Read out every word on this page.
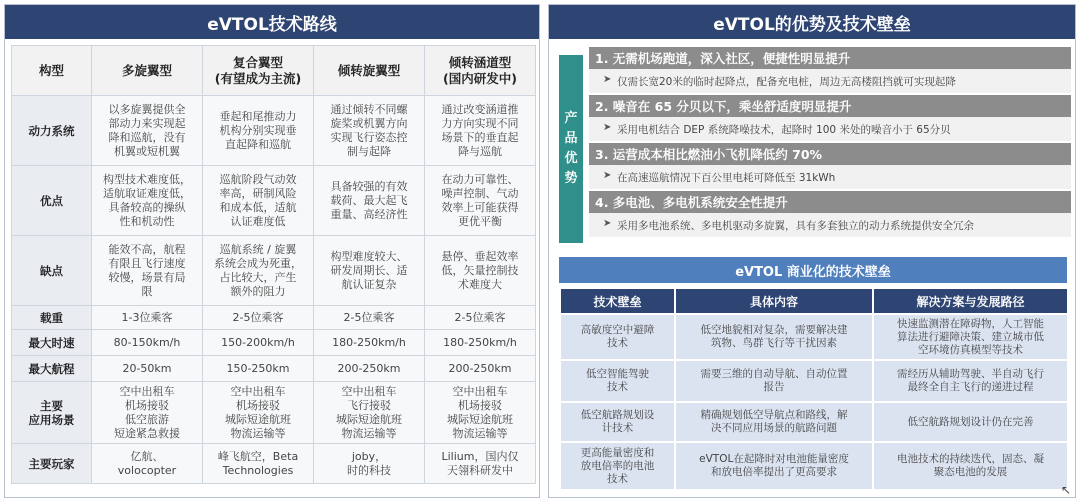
eVTOL技术路线
构型	多旋翼型	复合翼型
(有望成为主流)	倾转旋翼型	倾转涵道型
(国内研发中)
动力系统	以多旋翼提供全
部动力来实现起
降和巡航，没有
机翼或短机翼	垂起和尾推动力
机构分别实现垂
直起降和巡航	通过倾转不同螺
旋桨或机翼方向
实现飞行姿态控
制与起降	通过改变涵道推
力方向实现不同
场景下的垂直起
降与巡航
优点	构型技术难度低，
适航取证难度低，
具备较高的操纵
性和机动性	巡航阶段气动效
率高，研制风险
和成本低，适航
认证难度低	具备较强的有效
载荷、最大起飞
重量、高经济性	在动力可靠性、
噪声控制、气动
效率上可能获得
更优平衡
缺点	能效不高，航程
有限且飞行速度
较慢，场景有局
限	巡航系统 / 旋翼
系统会成为死重，
占比较大，产生
额外的阻力	构型难度较大、
研发周期长、适
航认证复杂	悬停、垂起效率
低，矢量控制技
术难度大
载重	1-3位乘客	2-5位乘客	2-5位乘客	2-5位乘客
最大时速	80-150km/h	150-200km/h	180-250km/h	180-250km/h
最大航程	20-50km	150-250km	200-250km	200-250km
主要
应用场景	空中出租车
机场接驳
低空旅游
短途紧急救援	空中出租车
机场接驳
城际短途航班
物流运输等	空中出租车
飞行接驳
城际短途航班
物流运输等	空中出租车
机场接驳
城际短途航班
物流运输等
主要玩家	亿航、
volocopter	峰飞航空，Beta
Technologies	joby，
时的科技	Lilium，国内仅
天翎科研发中
eVTOL的优势及技术壁垒
产
品
优
势
1. 无需机场跑道，深入社区，便捷性明显提升
➤ 仅需长宽20米的临时起降点，配备充电桩，周边无高楼阻挡就可实现起降
2. 噪音在 65 分贝以下，乘坐舒适度明显提升
➤ 采用电机结合 DEP 系统降噪技术，起降时 100 米处的噪音小于 65分贝
3. 运营成本相比燃油小飞机降低约 70%
➤ 在高速巡航情况下百公里电耗可降低至 31kWh
4. 多电池、多电机系统安全性提升
➤ 采用多电池系统、多电机驱动多旋翼，具有多套独立的动力系统提供安全冗余
eVTOL 商业化的技术壁垒
技术壁垒	具体内容	解决方案与发展路径
高敏度空中避障
技术	低空地貌相对复杂，需要解决建
筑物、鸟群飞行等干扰因素	快速监测潜在障碍物，人工智能
算法进行避障决策、建立城市低
空环境仿真模型等技术
低空智能驾驶
技术	需要三维的自动导航、自动位置
报告	需经历从辅助驾驶、半自动飞行
最终全自主飞行的递进过程
低空航路规划设
计技术	精确规划低空导航点和路线，解
决不同应用场景的航路问题	低空航路规划设计仍在完善
更高能量密度和
放电倍率的电池
技术	eVTOL在起降时对电池能量密度
和放电倍率提出了更高要求	电池技术的持续迭代，固态、凝
聚态电池的发展
↖
